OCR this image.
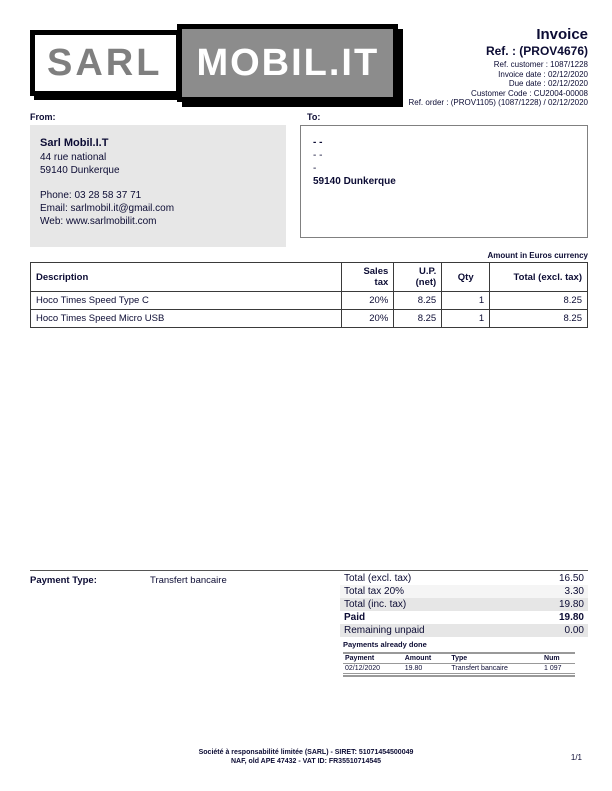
SARL MOBIL.IT
Invoice
Ref. : (PROV4676)
Ref. customer : 1087/1228
Invoice date : 02/12/2020
Due date : 02/12/2020
Customer Code : CU2004-00008
Ref. order : (PROV1105) (1087/1228) / 02/12/2020
From:
Sarl Mobil.I.T
44 rue national
59140 Dunkerque
Phone: 03 28 58 37 71
Email: sarlmobil.it@gmail.com
Web: www.sarlmobilit.com
To:
- -
- -
-
59140 Dunkerque
Amount in Euros currency
Description	Sales tax	U.P. (net)	Qty	Total (excl. tax)
Hoco Times Speed Type C	20%	8.25	1	8.25
Hoco Times Speed Micro USB	20%	8.25	1	8.25
Payment Type:	Transfert bancaire	Total (excl. tax)	16.50
Total tax 20%	3.30
Total (inc. tax)	19.80
Paid	19.80
Remaining unpaid	0.00
Payments already done
Payment	Amount	Type	Num
02/12/2020	19.80	Transfert bancaire	1 097
Société à responsabilité limitée (SARL) - SIRET: 51071454500049
NAF, old APE 47432 - VAT ID: FR35510714545	1/1
